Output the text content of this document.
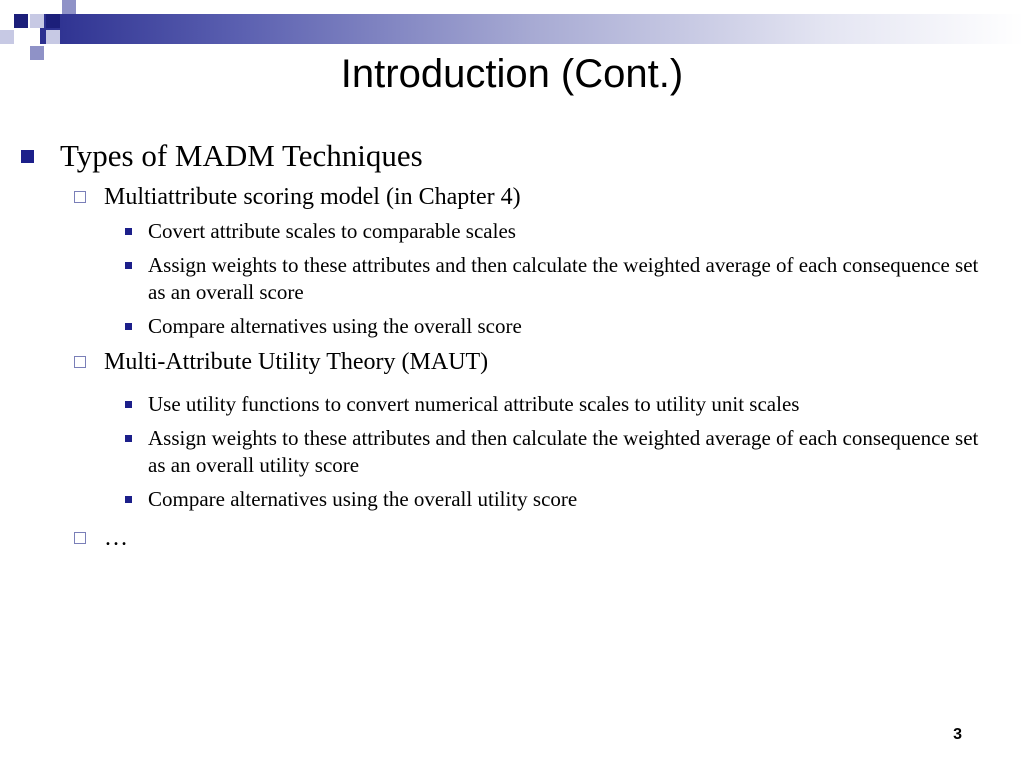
Introduction (Cont.)
Types of MADM Techniques
Multiattribute scoring model (in Chapter 4)
Covert attribute scales to comparable scales
Assign weights to these attributes and then calculate the weighted average of each consequence set as an overall score
Compare alternatives using the overall score
Multi-Attribute Utility Theory (MAUT)
Use utility functions to convert numerical attribute scales to utility unit scales
Assign weights to these attributes and then calculate the weighted average of each consequence set as an overall utility score
Compare alternatives using the overall utility score
…
3
